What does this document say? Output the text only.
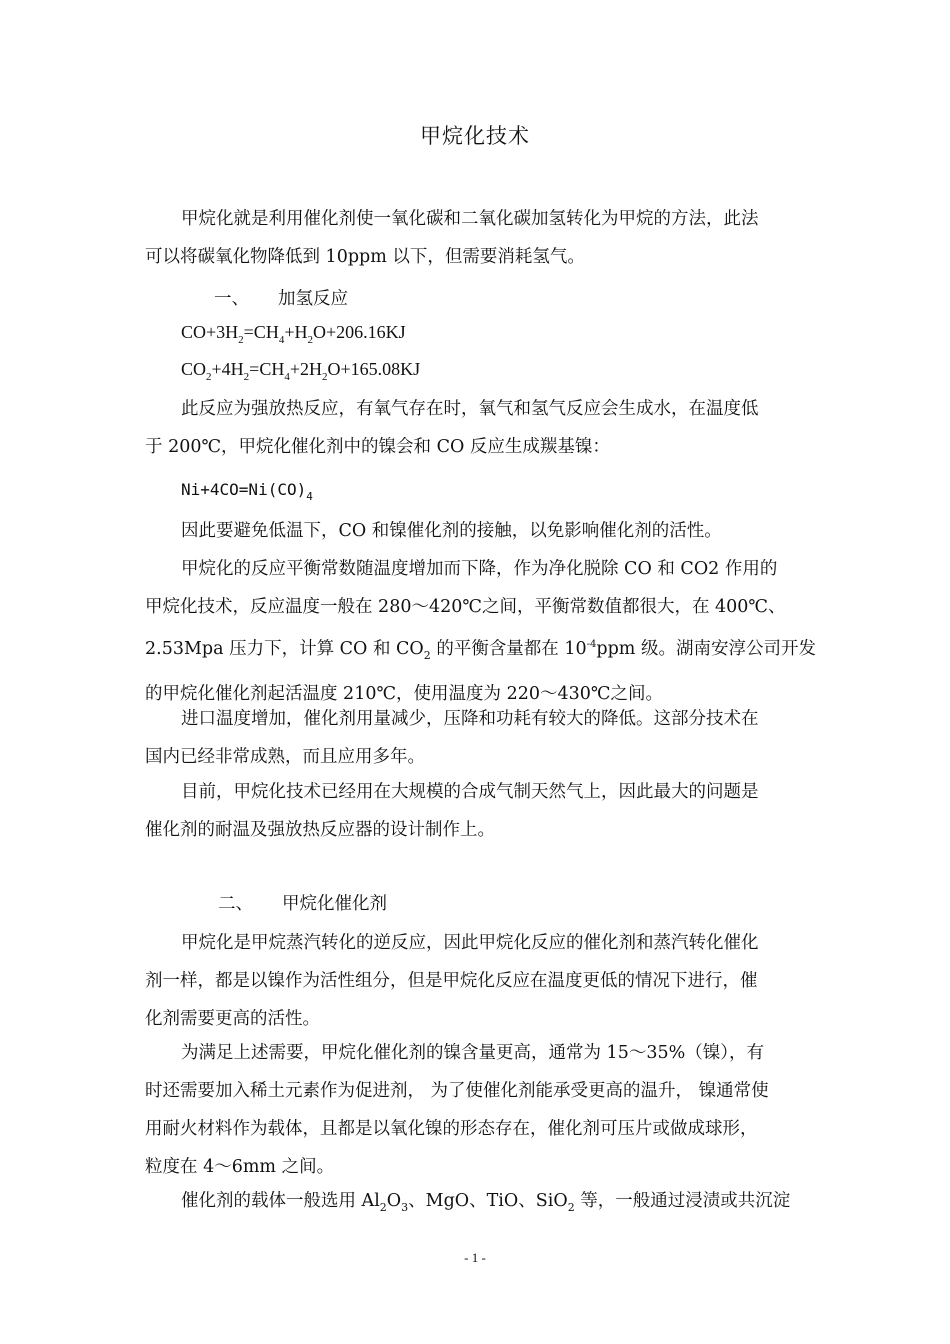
甲烷化技术
甲烷化就是利用催化剂使一氧化碳和二氧化碳加氢转化为甲烷的方法，此法
可以将碳氧化物降低到 10ppm 以下，但需要消耗氢气。
一、 加氢反应
$CO+3H_2=CH_4+H_2O+206.16KJ$
$CO_2+4H_2=CH_4+2H_2O+165.08KJ$
此反应为强放热反应，有氧气存在时，氧气和氢气反应会生成水，在温度低
于 200℃，甲烷化催化剂中的镍会和 CO 反应生成羰基镍：
$Ni+4CO=Ni(CO)_4$
因此要避免低温下，CO 和镍催化剂的接触，以免影响催化剂的活性。
甲烷化的反应平衡常数随温度增加而下降，作为净化脱除 CO 和 CO2 作用的
甲烷化技术，反应温度一般在 280～420℃之间，平衡常数值都很大，在 400℃、
2.53Mpa 压力下，计算 CO 和 $CO_2$ 的平衡含量都在 $10^{-4}ppm$ 级。湖南安淳公司开发
的甲烷化催化剂起活温度 210℃，使用温度为 220～430℃之间。
进口温度增加，催化剂用量减少，压降和功耗有较大的降低。这部分技术在
国内已经非常成熟，而且应用多年。
目前，甲烷化技术已经用在大规模的合成气制天然气上，因此最大的问题是
催化剂的耐温及强放热反应器的设计制作上。
二、 甲烷化催化剂
甲烷化是甲烷蒸汽转化的逆反应，因此甲烷化反应的催化剂和蒸汽转化催化
剂一样，都是以镍作为活性组分，但是甲烷化反应在温度更低的情况下进行，催
化剂需要更高的活性。
为满足上述需要，甲烷化催化剂的镍含量更高，通常为 15～35%（镍），有
时还需要加入稀土元素作为促进剂， 为了使催化剂能承受更高的温升， 镍通常使
用耐火材料作为载体，且都是以氧化镍的形态存在，催化剂可压片或做成球形，
粒度在 4～6mm 之间。
催化剂的载体一般选用 $Al_2O_3$、MgO、TiO、SiO$_2$ 等，一般通过浸渍或共沉淀
- 1 -
